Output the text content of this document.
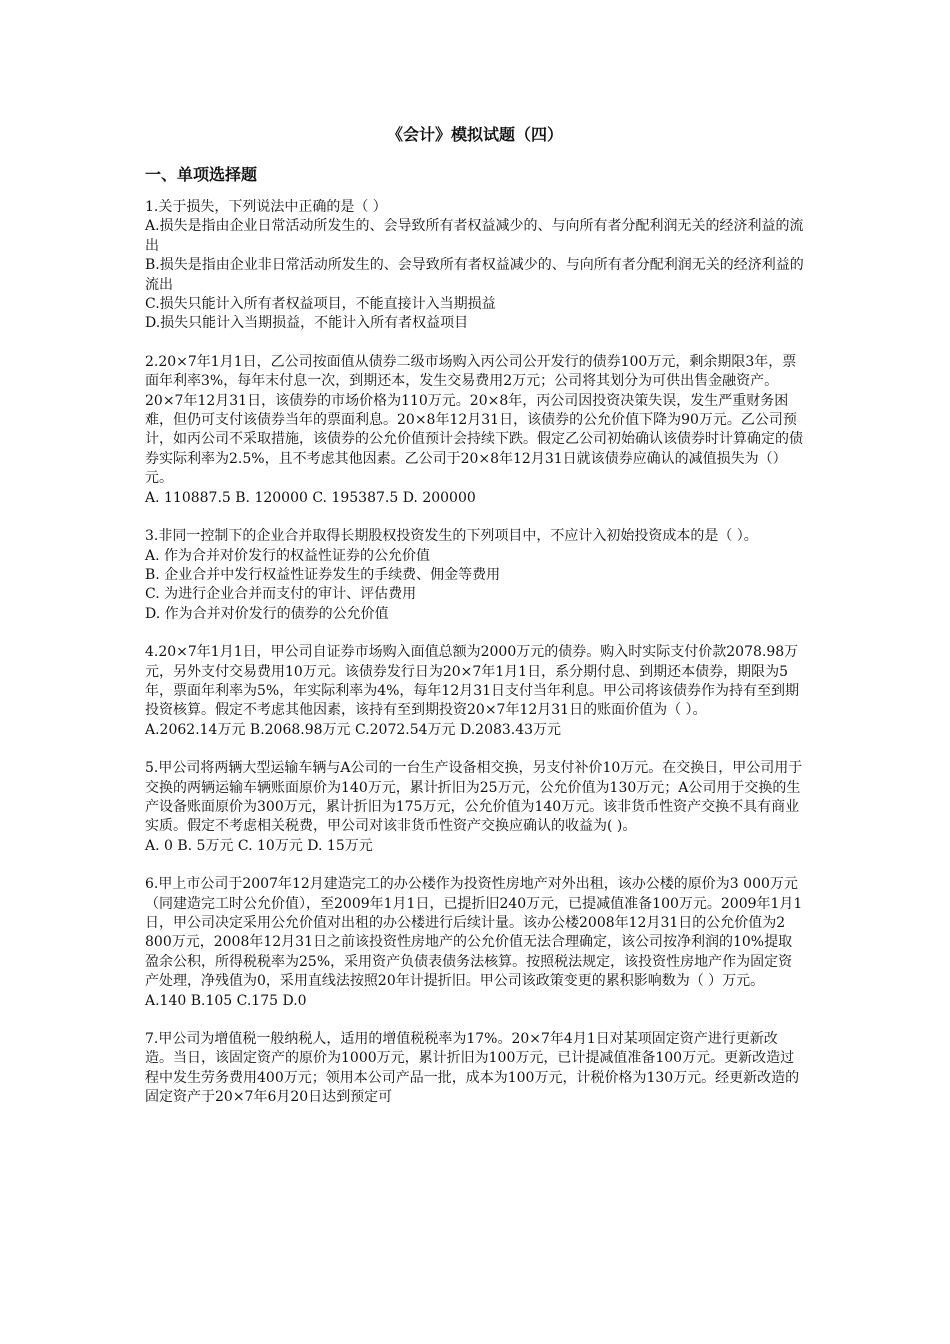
《会计》模拟试题（四）
一、单项选择题

1.关于损失，下列说法中正确的是（ ）

A.损失是指由企业日常活动所发生的、会导致所有者权益减少的、与向所有者分配利润无关的经济利益的流出

B.损失是指由企业非日常活动所发生的、会导致所有者权益减少的、与向所有者分配利润无关的经济利益的流出

C.损失只能计入所有者权益项目，不能直接计入当期损益

D.损失只能计入当期损益，不能计入所有者权益项目

2.20×7年1月1日，乙公司按面值从债券二级市场购入丙公司公开发行的债券100万元，剩余期限3年，票面年利率3%，每年末付息一次，到期还本，发生交易费用2万元；公司将其划分为可供出售金融资产。20×7年12月31日，该债券的市场价格为110万元。20×8年，丙公司因投资决策失误，发生严重财务困难，但仍可支付该债券当年的票面利息。20×8年12月31日，该债券的公允价值下降为90万元。乙公司预计，如丙公司不采取措施，该债券的公允价值预计会持续下跌。假定乙公司初始确认该债券时计算确定的债券实际利率为2.5%，且不考虑其他因素。乙公司于20×8年12月31日就该债券应确认的减值损失为（）元。

A. 110887.5 B. 120000 C. 195387.5 D. 200000

3.非同一控制下的企业合并取得长期股权投资发生的下列项目中，不应计入初始投资成本的是（ ）。

A. 作为合并对价发行的权益性证券的公允价值

B. 企业合并中发行权益性证券发生的手续费、佣金等费用

C. 为进行企业合并而支付的审计、评估费用

D. 作为合并对价发行的债券的公允价值

4.20×7年1月1日，甲公司自证券市场购入面值总额为2000万元的债券。购入时实际支付价款2078.98万元，另外支付交易费用10万元。该债券发行日为20×7年1月1日，系分期付息、到期还本债券，期限为5年，票面年利率为5%，年实际利率为4%，每年12月31日支付当年利息。甲公司将该债券作为持有至到期投资核算。假定不考虑其他因素，该持有至到期投资20×7年12月31日的账面价值为（ ）。

A.2062.14万元 B.2068.98万元 C.2072.54万元 D.2083.43万元

5.甲公司将两辆大型运输车辆与A公司的一台生产设备相交换，另支付补价10万元。在交换日，甲公司用于交换的两辆运输车辆账面原价为140万元，累计折旧为25万元，公允价值为130万元；A公司用于交换的生产设备账面原价为300万元，累计折旧为175万元，公允价值为140万元。该非货币性资产交换不具有商业实质。假定不考虑相关税费，甲公司对该非货币性资产交换应确认的收益为( )。

A. 0 B. 5万元 C. 10万元 D. 15万元

6.甲上市公司于2007年12月建造完工的办公楼作为投资性房地产对外出租，该办公楼的原价为3 000万元（同建造完工时公允价值），至2009年1月1日，已提折旧240万元，已提减值准备100万元。2009年1月1日，甲公司决定采用公允价值对出租的办公楼进行后续计量。该办公楼2008年12月31日的公允价值为2 800万元，2008年12月31日之前该投资性房地产的公允价值无法合理确定，该公司按净利润的10%提取盈余公积，所得税税率为25%，采用资产负债表债务法核算。按照税法规定，该投资性房地产作为固定资产处理，净残值为0，采用直线法按照20年计提折旧。甲公司该政策变更的累积影响数为（ ）万元。

A.140 B.105 C.175 D.0

7.甲公司为增值税一般纳税人，适用的增值税税率为17%。20×7年4月1日对某项固定资产进行更新改造。当日，该固定资产的原价为1000万元，累计折旧为100万元，已计提减值准备100万元。更新改造过程中发生劳务费用400万元；领用本公司产品一批，成本为100万元，计税价格为130万元。经更新改造的固定资产于20×7年6月20日达到预定可
